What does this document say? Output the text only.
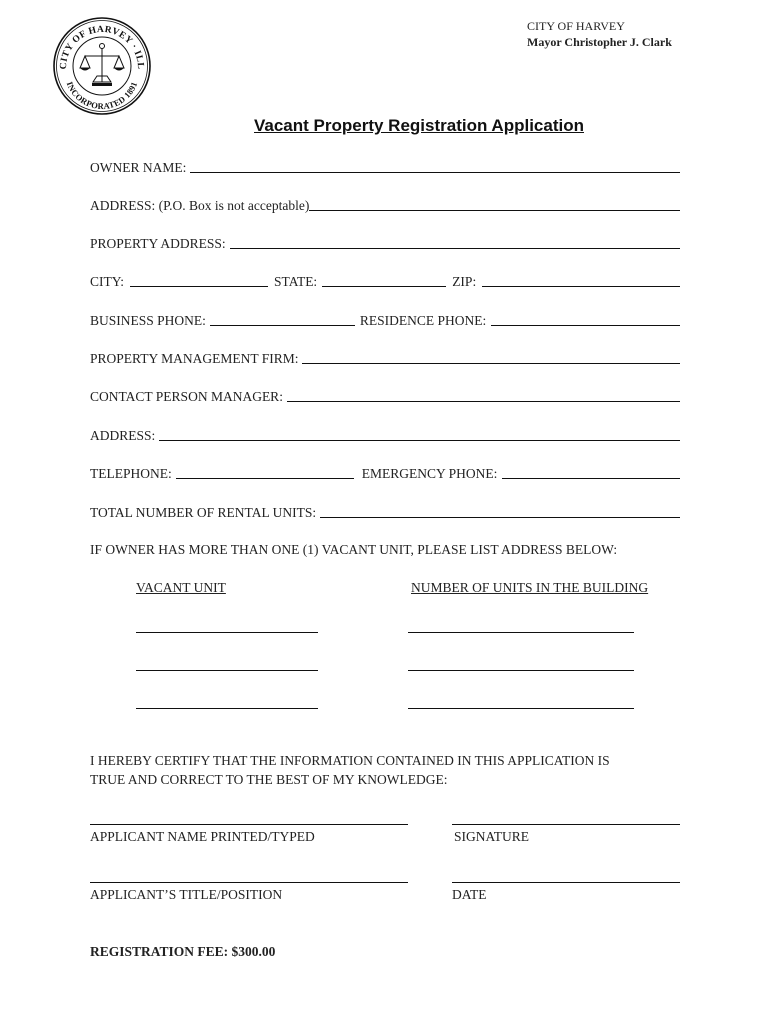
CITY OF HARVEY · ILL
INCORPORATED 1891
CITY OF HARVEY
Mayor Christopher J. Clark
Vacant Property Registration Application
OWNER NAME:
ADDRESS: (P.O. Box is not acceptable)
PROPERTY ADDRESS:
CITY:	STATE:	ZIP:
BUSINESS PHONE:	RESIDENCE PHONE:
PROPERTY MANAGEMENT FIRM:
CONTACT PERSON MANAGER:
ADDRESS:
TELEPHONE:	EMERGENCY PHONE:
TOTAL NUMBER OF RENTAL UNITS:
IF OWNER HAS MORE THAN ONE (1) VACANT UNIT, PLEASE LIST ADDRESS BELOW:
VACANT UNIT	NUMBER OF UNITS IN THE BUILDING
I HEREBY CERTIFY THAT THE INFORMATION CONTAINED IN THIS APPLICATION IS
TRUE AND CORRECT TO THE BEST OF MY KNOWLEDGE:
APPLICANT NAME PRINTED/TYPED	SIGNATURE
APPLICANT’S TITLE/POSITION	DATE
REGISTRATION FEE: $300.00
